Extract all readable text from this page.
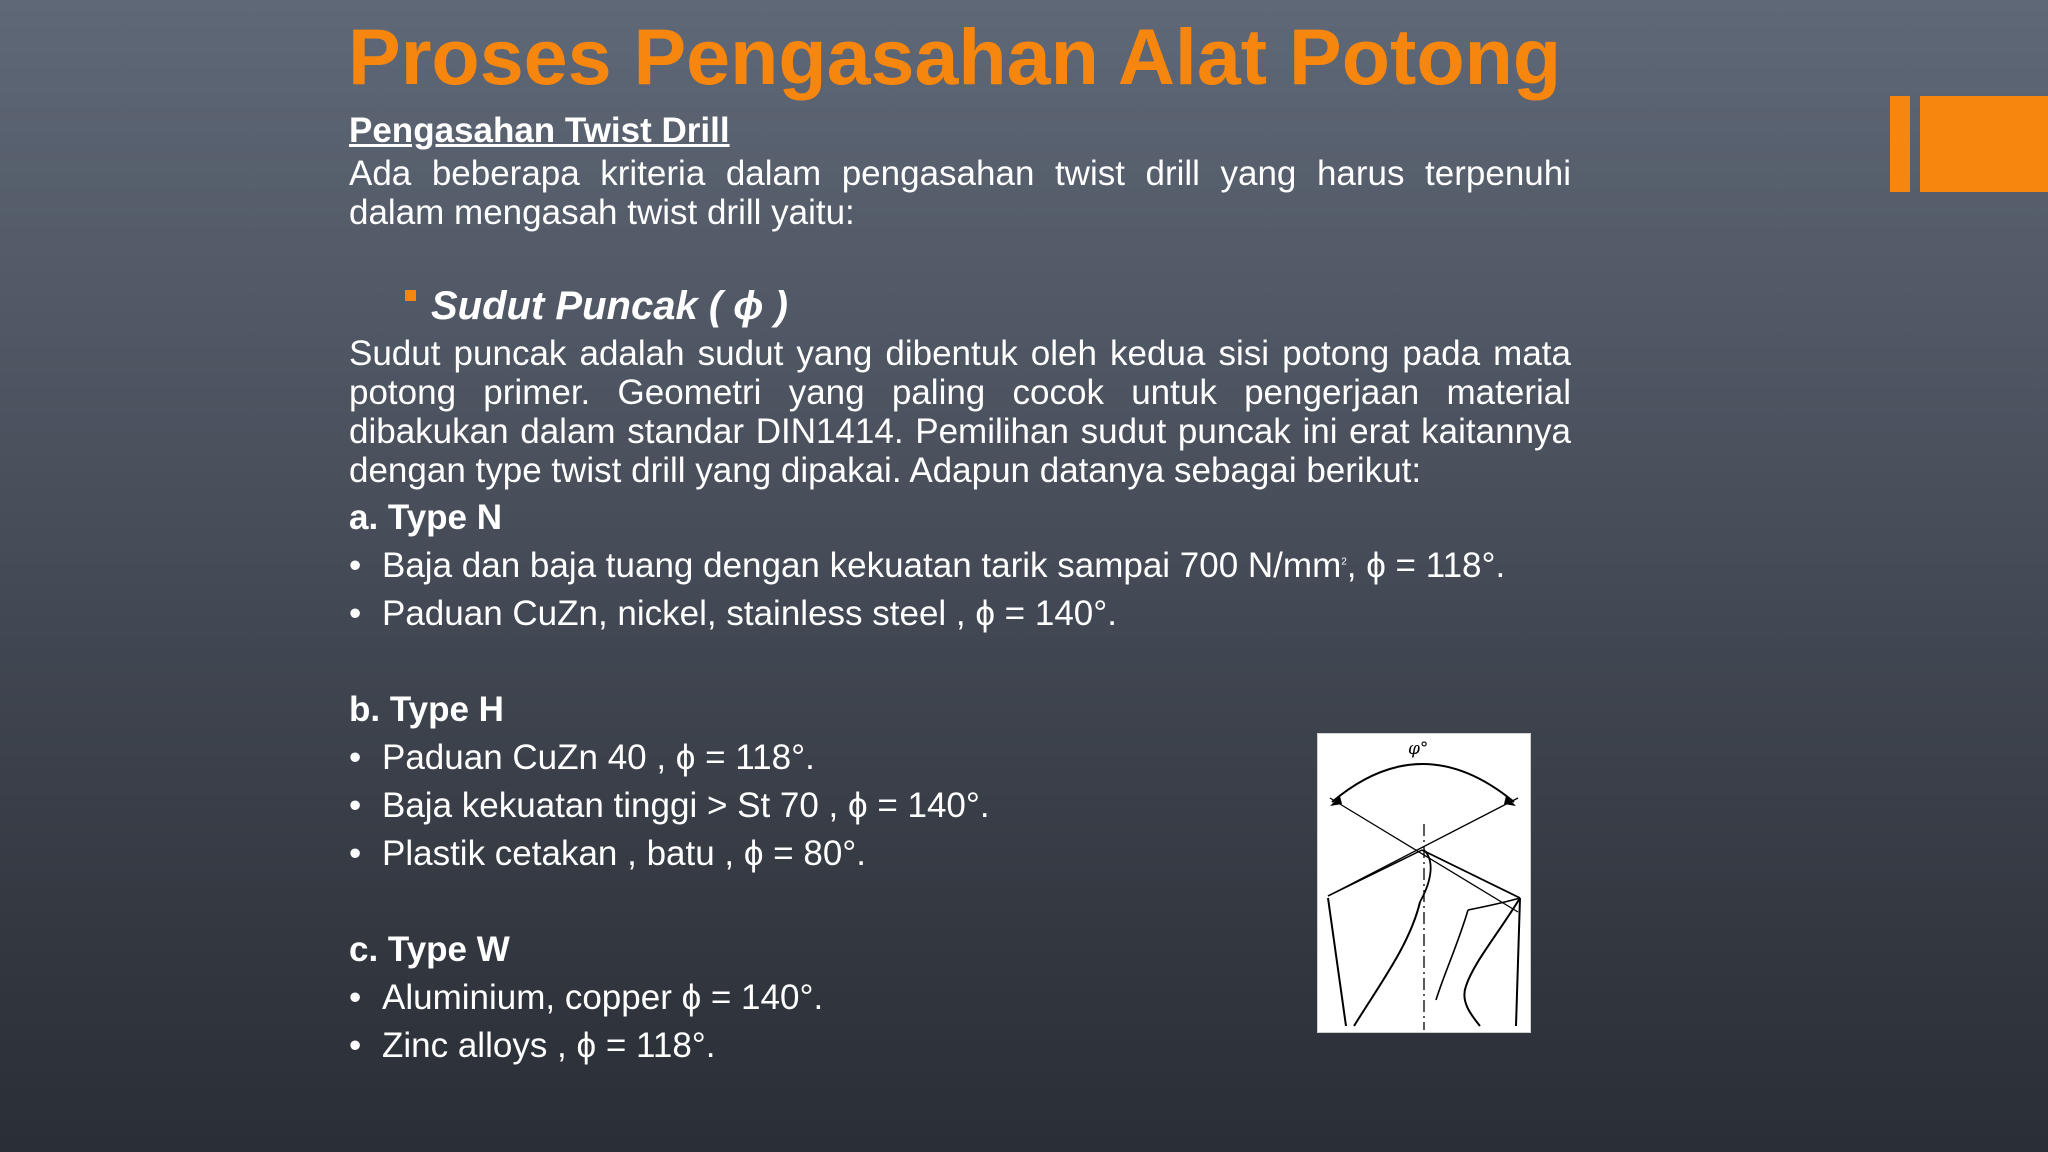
Proses Pengasahan Alat Potong

Pengasahan Twist Drill

Ada beberapa kriteria dalam pengasahan twist drill yang harus terpenuhi dalam mengasah twist drill yaitu:

Sudut Puncak ( ϕ )

Sudut puncak adalah sudut yang dibentuk oleh kedua sisi potong pada mata potong primer. Geometri yang paling cocok untuk pengerjaan material dibakukan dalam standar DIN1414. Pemilihan sudut puncak ini erat kaitannya dengan type twist drill yang dipakai. Adapun datanya sebagai berikut:

a. Type N

• Baja dan baja tuang dengan kekuatan tarik sampai 700 $N/mm^2$, ϕ = 118°.
• Paduan CuZn, nickel, stainless steel , ϕ = 140°.

b. Type H

• Paduan CuZn 40 , ϕ = 118°.
• Baja kekuatan tinggi > St 70 , ϕ = 140°.
• Plastik cetakan , batu , ϕ = 80°.

c. Type W

• Aluminium, copper ϕ = 140°.
• Zinc alloys , ϕ = 118°.
φ°
